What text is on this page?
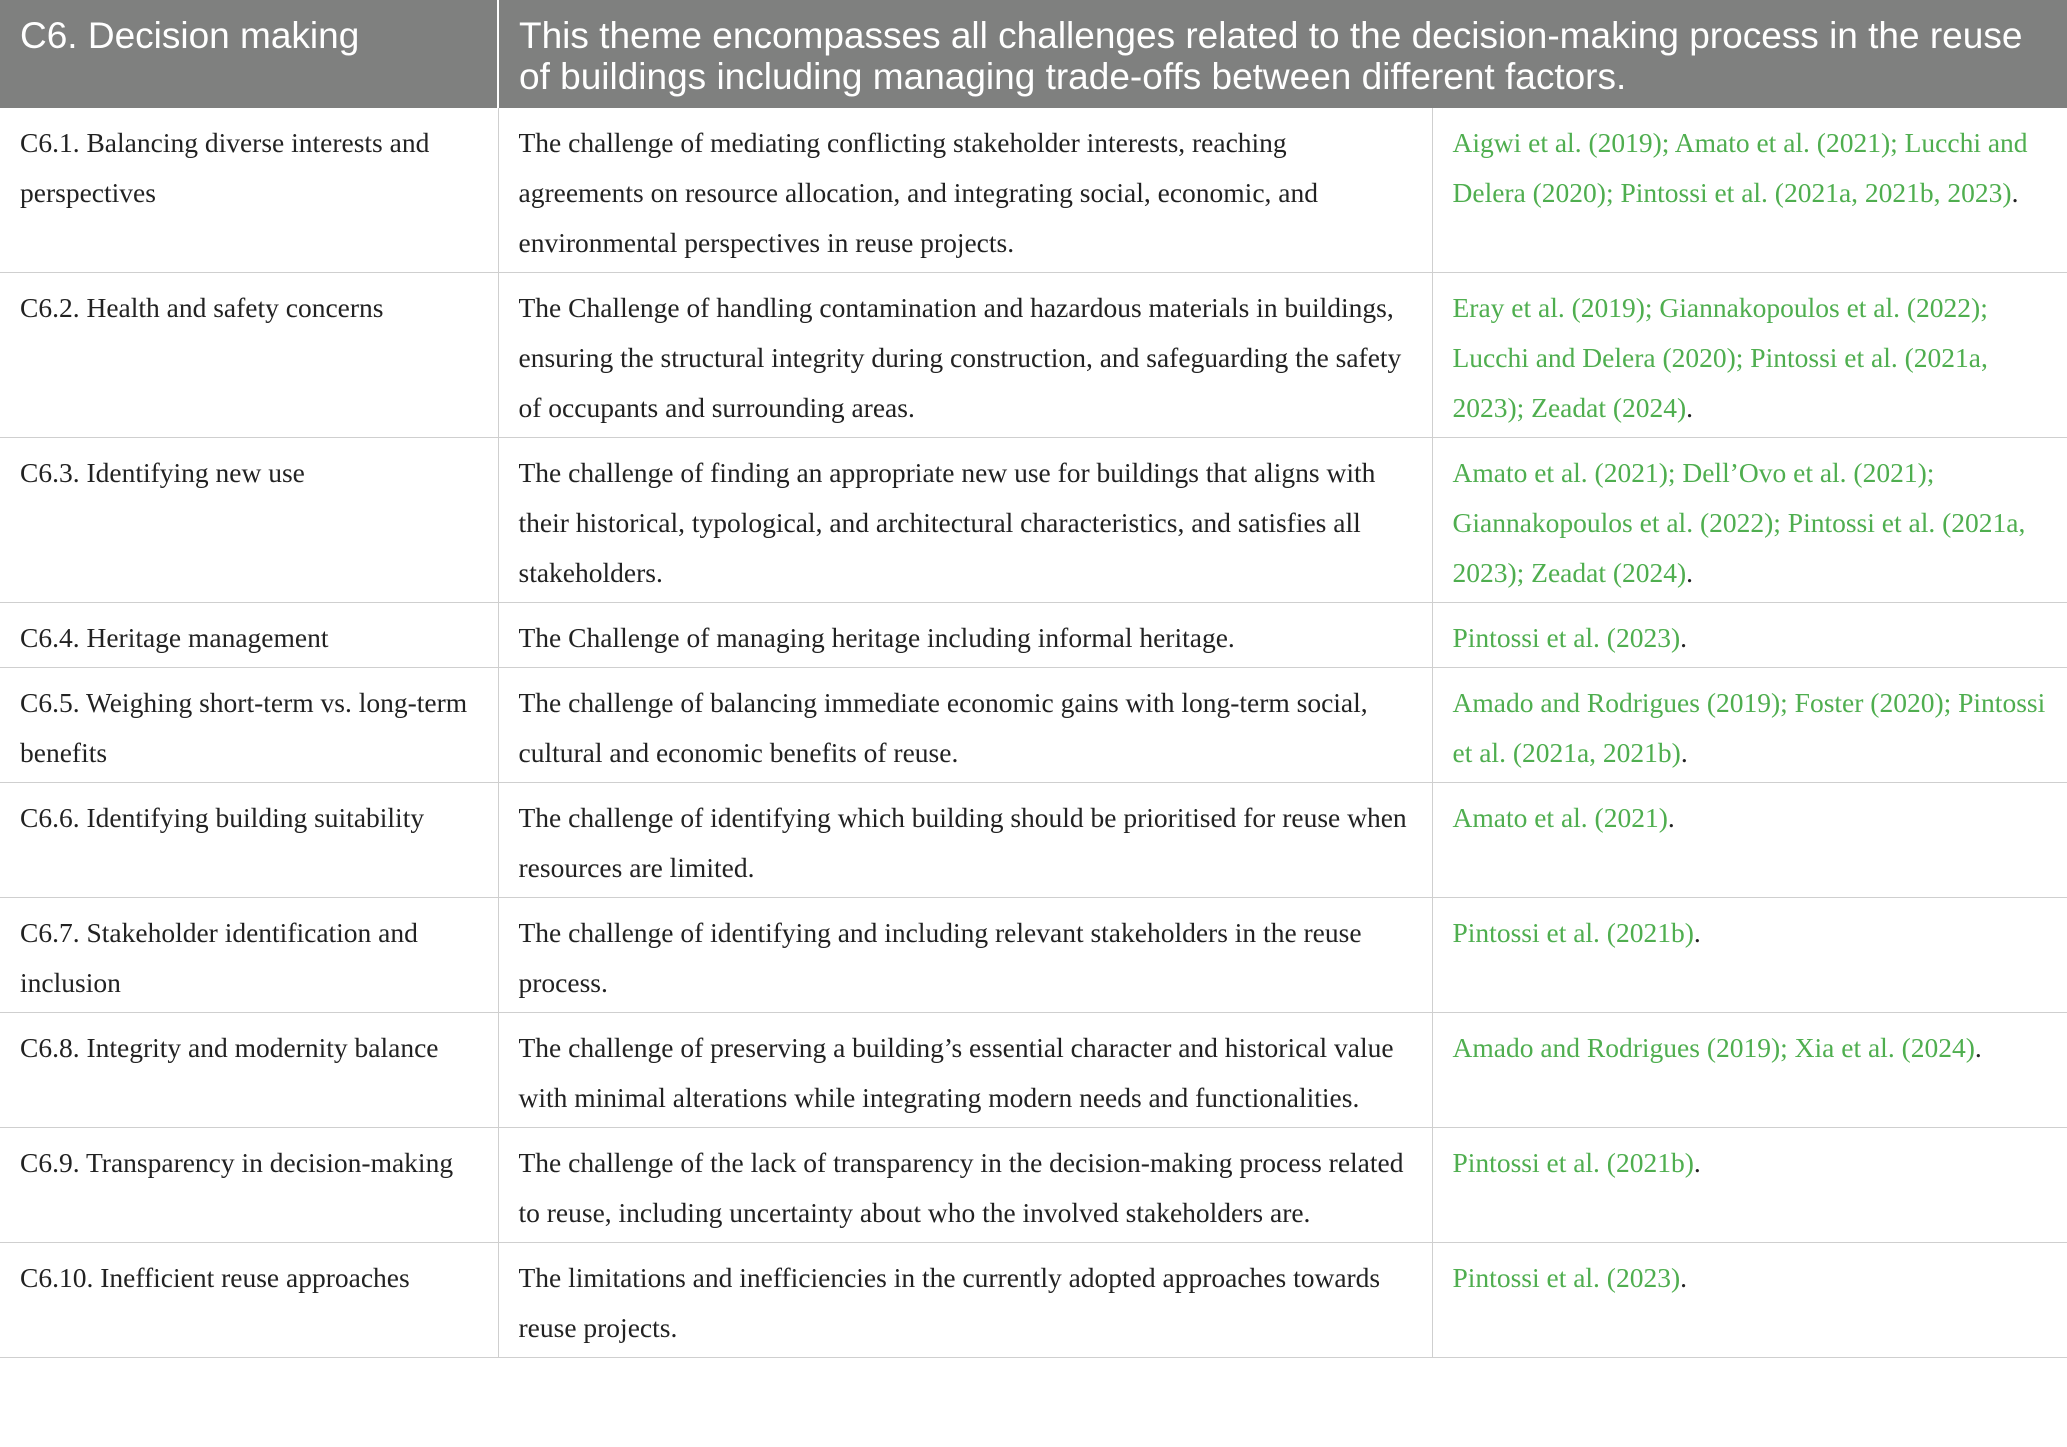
C6. Decision making	This theme encompasses all challenges related to the decision-making process in the reuse of buildings including managing trade-offs between different factors.	
C6.1. Balancing diverse interests and perspectives	The challenge of mediating conflicting stakeholder interests, reaching agreements on resource allocation, and integrating social, economic, and environmental perspectives in reuse projects.	Aigwi et al. (2019); Amato et al. (2021); Lucchi and Delera (2020); Pintossi et al. (2021a, 2021b, 2023).
C6.2. Health and safety concerns	The Challenge of handling contamination and hazardous materials in buildings, ensuring the structural integrity during construction, and safeguarding the safety of occupants and surrounding areas.	Eray et al. (2019); Giannakopoulos et al. (2022); Lucchi and Delera (2020); Pintossi et al. (2021a, 2023); Zeadat (2024).
C6.3. Identifying new use	The challenge of finding an appropriate new use for buildings that aligns with their historical, typological, and architectural characteristics, and satisfies all stakeholders.	Amato et al. (2021); Dell’Ovo et al. (2021); Giannakopoulos et al. (2022); Pintossi et al. (2021a, 2023); Zeadat (2024).
C6.4. Heritage management	The Challenge of managing heritage including informal heritage.	Pintossi et al. (2023).
C6.5. Weighing short-term vs. long-term benefits	The challenge of balancing immediate economic gains with long-term social, cultural and economic benefits of reuse.	Amado and Rodrigues (2019); Foster (2020); Pintossi et al. (2021a, 2021b).
C6.6. Identifying building suitability	The challenge of identifying which building should be prioritised for reuse when resources are limited.	Amato et al. (2021).
C6.7. Stakeholder identification and inclusion	The challenge of identifying and including relevant stakeholders in the reuse process.	Pintossi et al. (2021b).
C6.8. Integrity and modernity balance	The challenge of preserving a building’s essential character and historical value with minimal alterations while integrating modern needs and functionalities.	Amado and Rodrigues (2019); Xia et al. (2024).
C6.9. Transparency in decision-making	The challenge of the lack of transparency in the decision-making process related to reuse, including uncertainty about who the involved stakeholders are.	Pintossi et al. (2021b).
C6.10. Inefficient reuse approaches	The limitations and inefficiencies in the currently adopted approaches towards reuse projects.	Pintossi et al. (2023).
